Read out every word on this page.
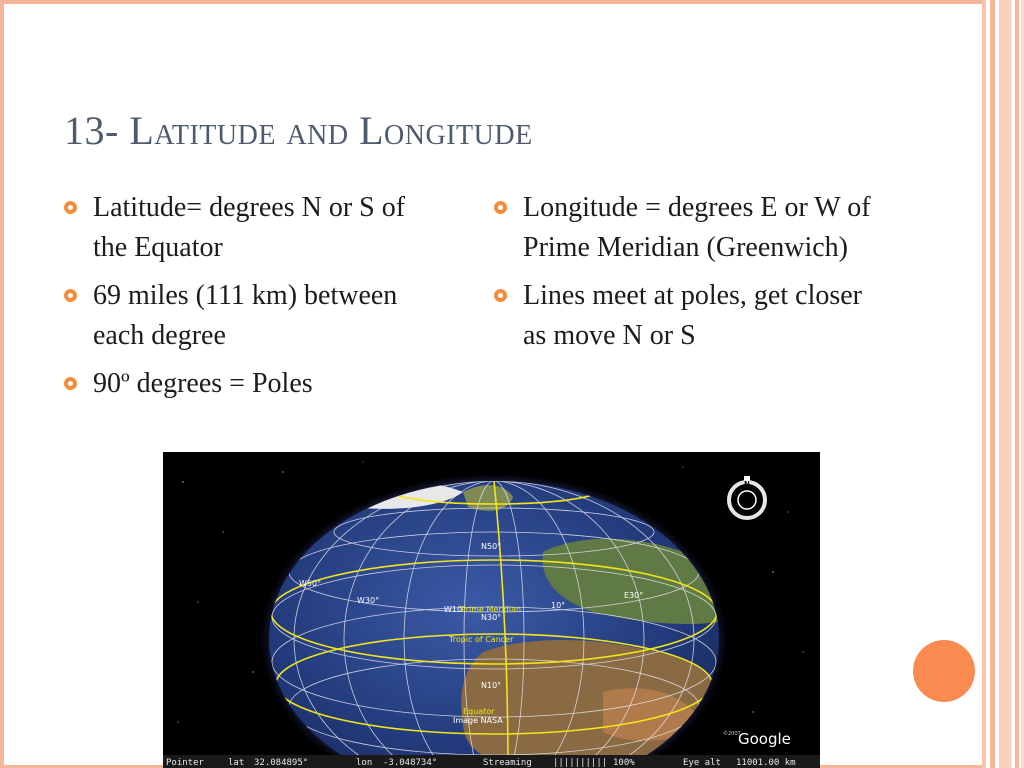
13- Latitude and Longitude
Latitude= degrees N or S of the Equator
69 miles (111 km) between each degree
90º degrees = Poles
Longitude = degrees E or W of Prime Meridian (Greenwich)
Lines meet at poles, get closer as move N or S
N50°
W50°
W30°
W10
Prime Meridian	10°
E30°
N30°
Tropic of Cancer
N10°
Equator
Image NASA
N
Google
©2007
Pointer	lat 32.084895°	lon -3.048734°	Streaming |||||||||| 100%	Eye alt 11001.00 km
